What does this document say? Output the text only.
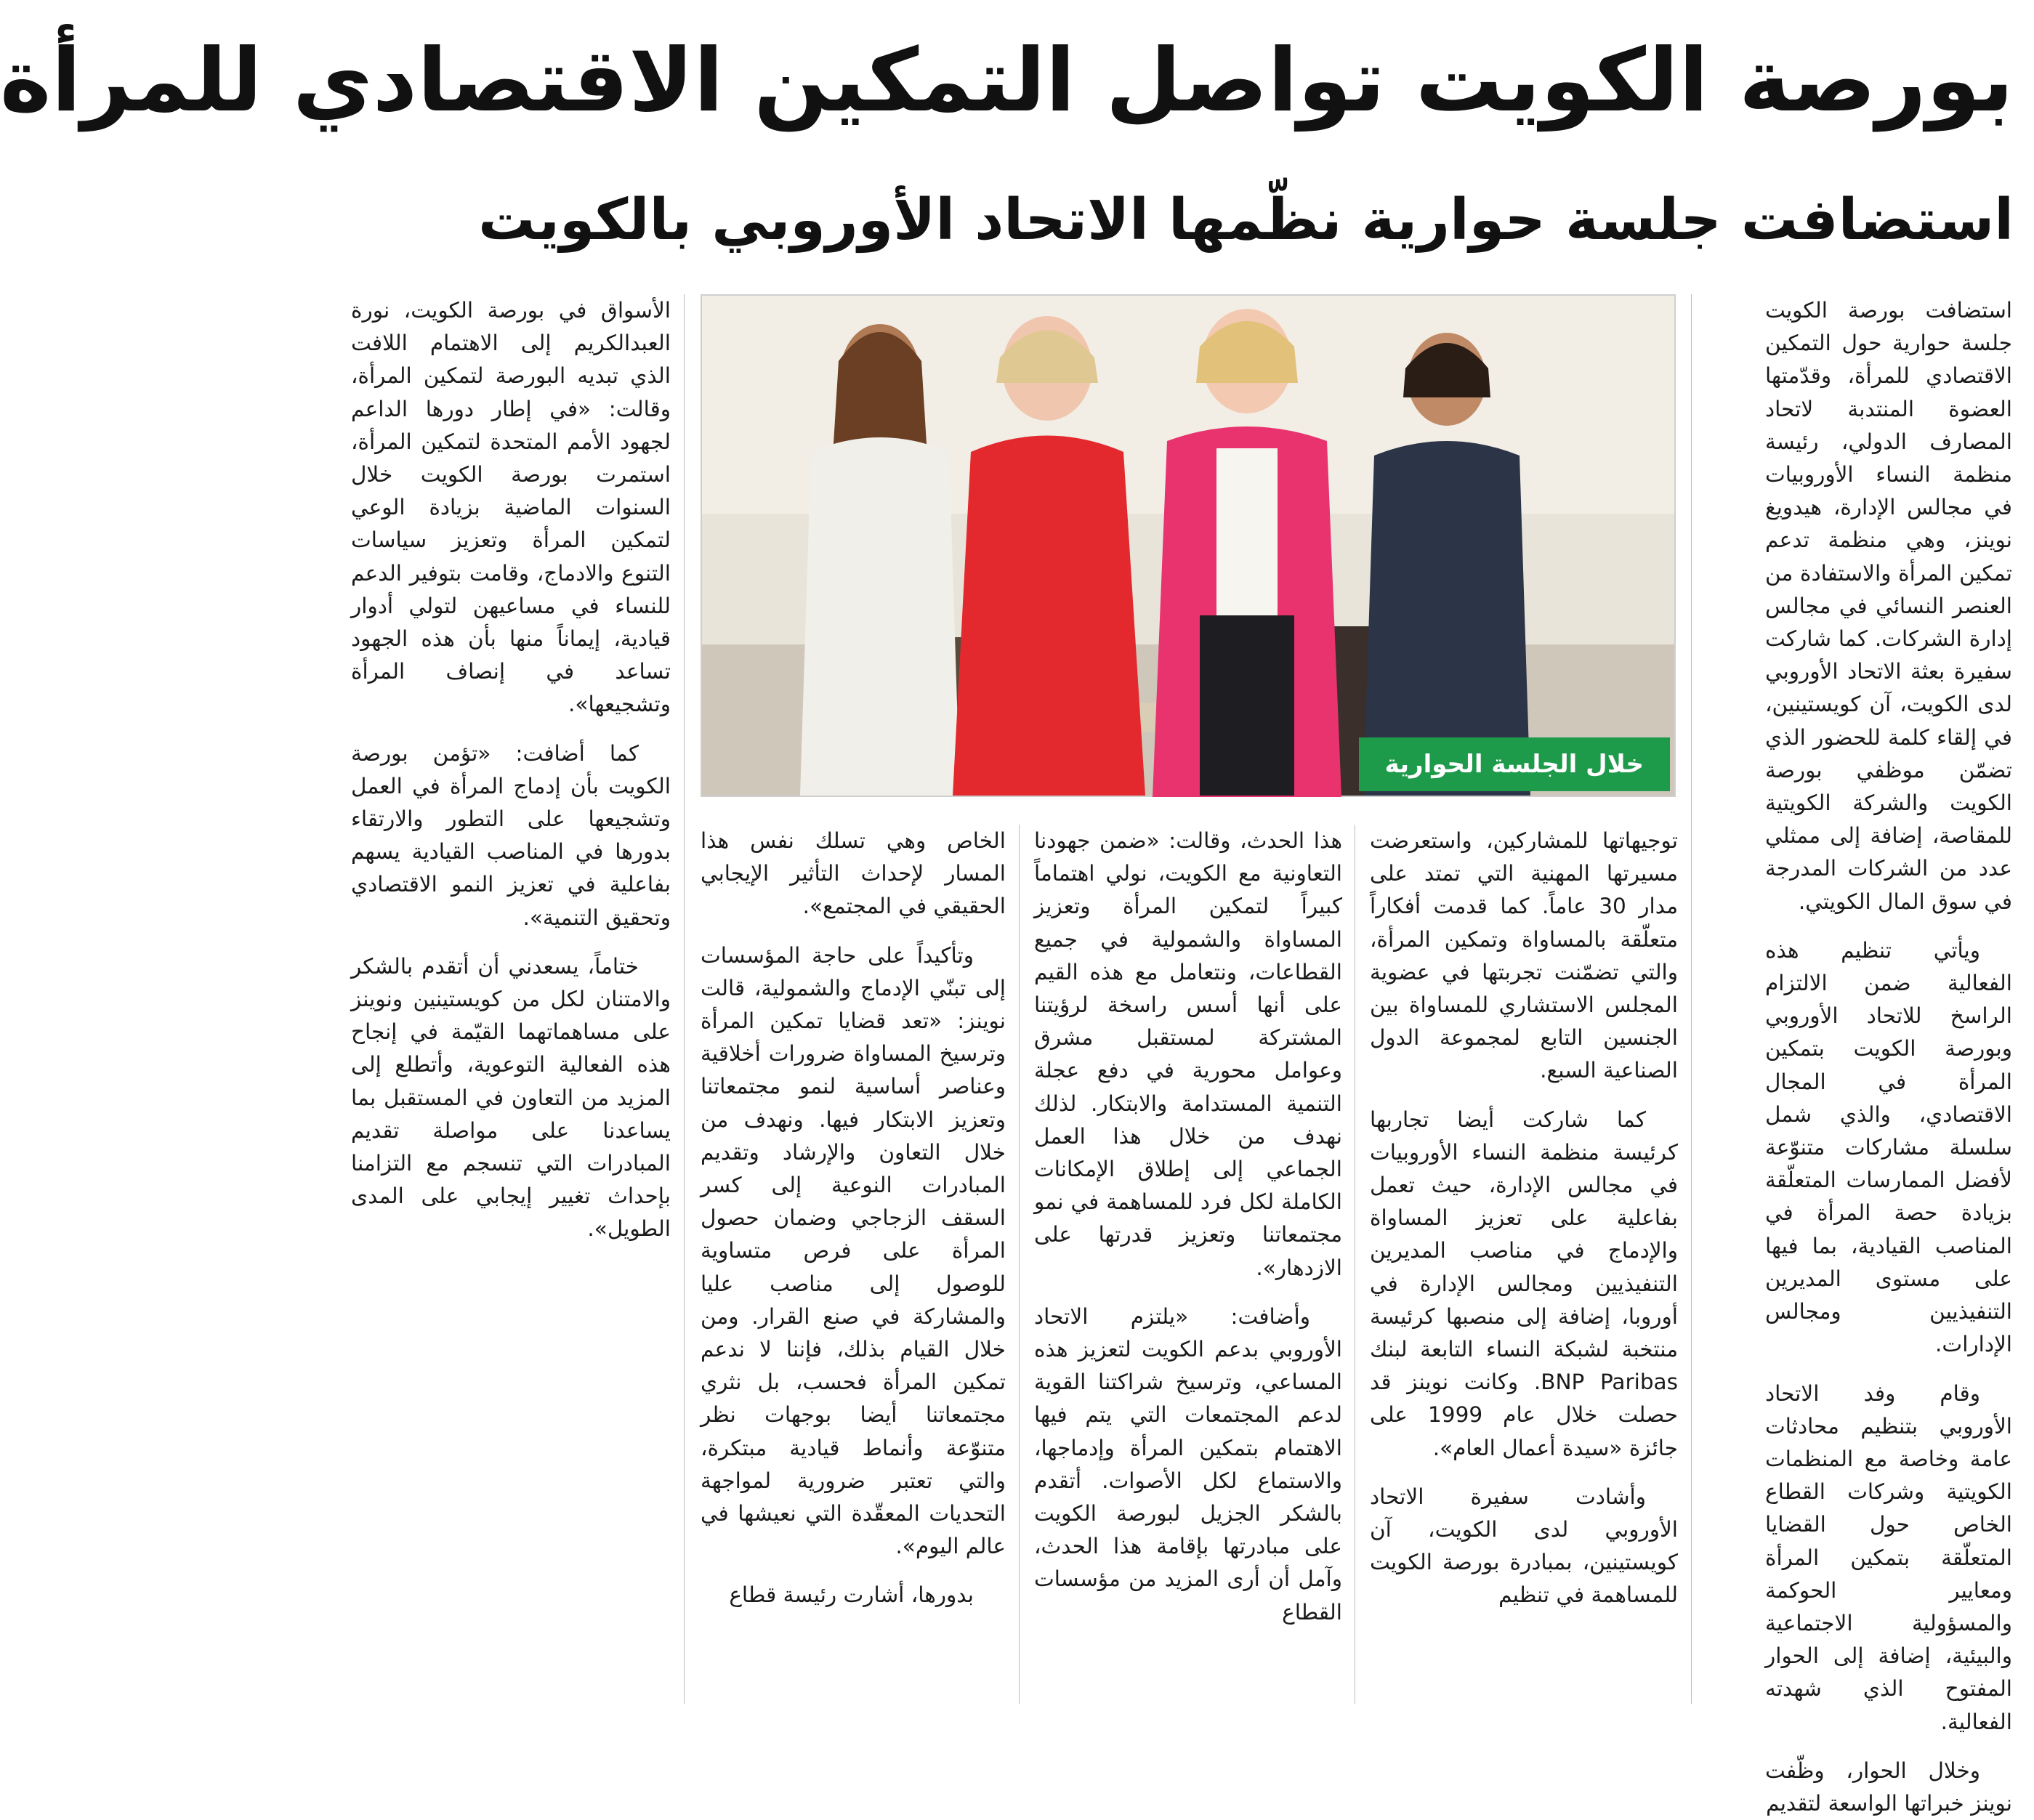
بورصة الكويت تواصل التمكين الاقتصادي للمرأة
استضافت جلسة حوارية نظّمها الاتحاد الأوروبي بالكويت

استضافت بورصة الكويت جلسة حوارية حول التمكين الاقتصادي للمرأة، وقدّمتها العضوة المنتدبة لاتحاد المصارف الدولي، رئيسة منظمة النساء الأوروبيات في مجالس الإدارة، هيدويغ نوينز، وهي منظمة تدعم تمكين المرأة والاستفادة من العنصر النسائي في مجالس إدارة الشركات. كما شاركت سفيرة بعثة الاتحاد الأوروبي لدى الكويت، آن كويستينين، في إلقاء كلمة للحضور الذي تضمّن موظفي بورصة الكويت والشركة الكويتية للمقاصة، إضافة إلى ممثلي عدد من الشركات المدرجة في سوق المال الكويتي.

ويأتي تنظيم هذه الفعالية ضمن الالتزام الراسخ للاتحاد الأوروبي وبورصة الكويت بتمكين المرأة في المجال الاقتصادي، والذي شمل سلسلة مشاركات متنوّعة لأفضل الممارسات المتعلّقة بزيادة حصة المرأة في المناصب القيادية، بما فيها على مستوى المديرين التنفيذيين ومجالس الإدارات.

وقام وفد الاتحاد الأوروبي بتنظيم محادثات عامة وخاصة مع المنظمات الكويتية وشركات القطاع الخاص حول القضايا المتعلّقة بتمكين المرأة ومعايير الحوكمة والمسؤولية الاجتماعية والبيئية، إضافة إلى الحوار المفتوح الذي شهدته الفعالية.

وخلال الحوار، وظّفت نوينز خبراتها الواسعة لتقديم

خلال الجلسة الحوارية

توجيهاتها للمشاركين، واستعرضت مسيرتها المهنية التي تمتد على مدار 30 عاماً. كما قدمت أفكاراً متعلّقة بالمساواة وتمكين المرأة، والتي تضمّنت تجربتها في عضوية المجلس الاستشاري للمساواة بين الجنسين التابع لمجموعة الدول الصناعية السبع.

كما شاركت أيضا تجاربها كرئيسة منظمة النساء الأوروبيات في مجالس الإدارة، حيث تعمل بفاعلية على تعزيز المساواة والإدماج في مناصب المديرين التنفيذيين ومجالس الإدارة في أوروبا، إضافة إلى منصبها كرئيسة منتخبة لشبكة النساء التابعة لبنك BNP Paribas. وكانت نوينز قد حصلت خلال عام 1999 على جائزة «سيدة أعمال العام».

وأشادت سفيرة الاتحاد الأوروبي لدى الكويت، آن كويستينين، بمبادرة بورصة الكويت للمساهمة في تنظيم

هذا الحدث، وقالت: «ضمن جهودنا التعاونية مع الكويت، نولي اهتماماً كبيراً لتمكين المرأة وتعزيز المساواة والشمولية في جميع القطاعات، ونتعامل مع هذه القيم على أنها أسس راسخة لرؤيتنا المشتركة لمستقبل مشرق وعوامل محورية في دفع عجلة التنمية المستدامة والابتكار. لذلك نهدف من خلال هذا العمل الجماعي إلى إطلاق الإمكانات الكاملة لكل فرد للمساهمة في نمو مجتمعاتنا وتعزيز قدرتها على الازدهار».

وأضافت: «يلتزم الاتحاد الأوروبي بدعم الكويت لتعزيز هذه المساعي، وترسيخ شراكتنا القوية لدعم المجتمعات التي يتم فيها الاهتمام بتمكين المرأة وإدماجها، والاستماع لكل الأصوات. أتقدم بالشكر الجزيل لبورصة الكويت على مبادرتها بإقامة هذا الحدث، وآمل أن أرى المزيد من مؤسسات القطاع

الخاص وهي تسلك نفس هذا المسار لإحداث التأثير الإيجابي الحقيقي في المجتمع».

وتأكيداً على حاجة المؤسسات إلى تبنّي الإدماج والشمولية، قالت نوينز: «تعد قضايا تمكين المرأة وترسيخ المساواة ضرورات أخلاقية وعناصر أساسية لنمو مجتمعاتنا وتعزيز الابتكار فيها. ونهدف من خلال التعاون والإرشاد وتقديم المبادرات النوعية إلى كسر السقف الزجاجي وضمان حصول المرأة على فرص متساوية للوصول إلى مناصب عليا والمشاركة في صنع القرار. ومن خلال القيام بذلك، فإننا لا ندعم تمكين المرأة فحسب، بل نثري مجتمعاتنا أيضا بوجهات نظر متنوّعة وأنماط قيادية مبتكرة، والتي تعتبر ضرورية لمواجهة التحديات المعقّدة التي نعيشها في عالم اليوم».

بدورها، أشارت رئيسة قطاع

الأسواق في بورصة الكويت، نورة العبدالكريم إلى الاهتمام اللافت الذي تبديه البورصة لتمكين المرأة، وقالت: «في إطار دورها الداعم لجهود الأمم المتحدة لتمكين المرأة، استمرت بورصة الكويت خلال السنوات الماضية بزيادة الوعي لتمكين المرأة وتعزيز سياسات التنوع والادماج، وقامت بتوفير الدعم للنساء في مساعيهن لتولي أدوار قيادية، إيماناً منها بأن هذه الجهود تساعد في إنصاف المرأة وتشجيعها».

كما أضافت: «تؤمن بورصة الكويت بأن إدماج المرأة في العمل وتشجيعها على التطور والارتقاء بدورها في المناصب القيادية يسهم بفاعلية في تعزيز النمو الاقتصادي وتحقيق التنمية».

ختاماً، يسعدني أن أتقدم بالشكر والامتنان لكل من كويستينين ونوينز على مساهماتهما القيّمة في إنجاح هذه الفعالية التوعوية، وأتطلع إلى المزيد من التعاون في المستقبل بما يساعدنا على مواصلة تقديم المبادرات التي تنسجم مع التزامنا بإحداث تغيير إيجابي على المدى الطويل».
